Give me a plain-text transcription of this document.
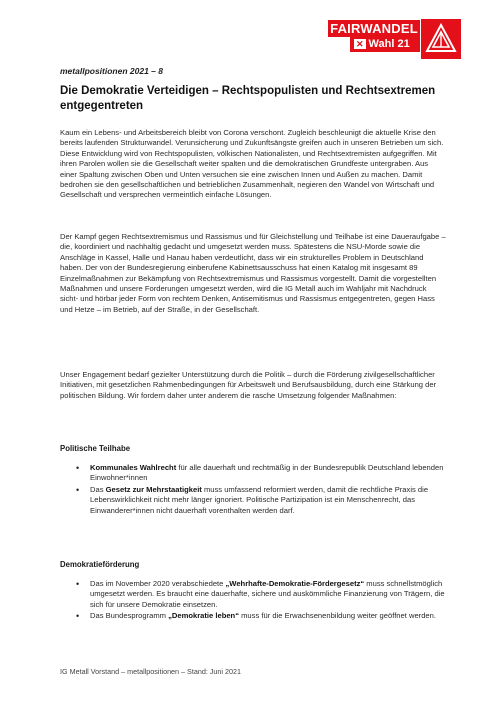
FAIRWANDEL
✕ Wahl 21
metallpositionen 2021 – 8
Die Demokratie Verteidigen – Rechtspopulisten und Rechtsextremen entgegentreten

Kaum ein Lebens- und Arbeitsbereich bleibt von Corona verschont. Zugleich beschleunigt die aktuelle Krise den bereits laufenden Strukturwandel. Verunsicherung und Zukunftsängste greifen auch in unseren Betrieben um sich. Diese Entwicklung wird von Rechtspopulisten, völkischen Nationalisten, und Rechtsextremisten aufgegriffen. Mit ihren Parolen wollen sie die Gesellschaft weiter spalten und die demokratischen Grundfeste untergraben. Aus einer Spaltung zwischen Oben und Unten versuchen sie eine zwischen Innen und Außen zu machen. Damit bedrohen sie den gesellschaftlichen und betrieblichen Zusammenhalt, negieren den Wandel von Wirtschaft und Gesellschaft und versprechen vermeintlich einfache Lösungen.

Der Kampf gegen Rechtsextremismus und Rassismus und für Gleichstellung und Teilhabe ist eine Daueraufgabe – die, koordiniert und nachhaltig gedacht und umgesetzt werden muss. Spätestens die NSU-Morde sowie die Anschläge in Kassel, Halle und Hanau haben verdeutlicht, dass wir ein strukturelles Problem in Deutschland haben. Der von der Bundesregierung einberufene Kabinettsausschuss hat einen Katalog mit insgesamt 89 Einzelmaßnahmen zur Bekämpfung von Rechtsextremismus und Rassismus vorgestellt. Damit die vorgestellten Maßnahmen und unsere Forderungen umgesetzt werden, wird die IG Metall auch im Wahljahr mit Nachdruck sicht- und hörbar jeder Form von rechtem Denken, Antisemitismus und Rassismus entgegentreten, gegen Hass und Hetze – im Betrieb, auf der Straße, in der Gesellschaft.

Unser Engagement bedarf gezielter Unterstützung durch die Politik – durch die Förderung zivilgesellschaftlicher Initiativen, mit gesetzlichen Rahmenbedingungen für Arbeitswelt und Berufsausbildung, durch eine Stärkung der politischen Bildung. Wir fordern daher unter anderem die rasche Umsetzung folgender Maßnahmen:

Politische Teilhabe
• Kommunales Wahlrecht für alle dauerhaft und rechtmäßig in der Bundesrepublik Deutschland lebenden Einwohner*innen
• Das Gesetz zur Mehrstaatigkeit muss umfassend reformiert werden, damit die rechtliche Praxis die Lebenswirklichkeit nicht mehr länger ignoriert. Politische Partizipation ist ein Menschenrecht, das Einwanderer*innen nicht dauerhaft vorenthalten werden darf.
Demokratieförderung
• Das im November 2020 verabschiedete „Wehrhafte-Demokratie-Fördergesetz“ muss schnellstmöglich umgesetzt werden. Es braucht eine dauerhafte, sichere und auskömmliche Finanzierung von Trägern, die sich für unsere Demokratie einsetzen.
• Das Bundesprogramm „Demokratie leben“ muss für die Erwachsenenbildung weiter geöffnet werden.
IG Metall Vorstand – metallpositionen – Stand: Juni 2021
